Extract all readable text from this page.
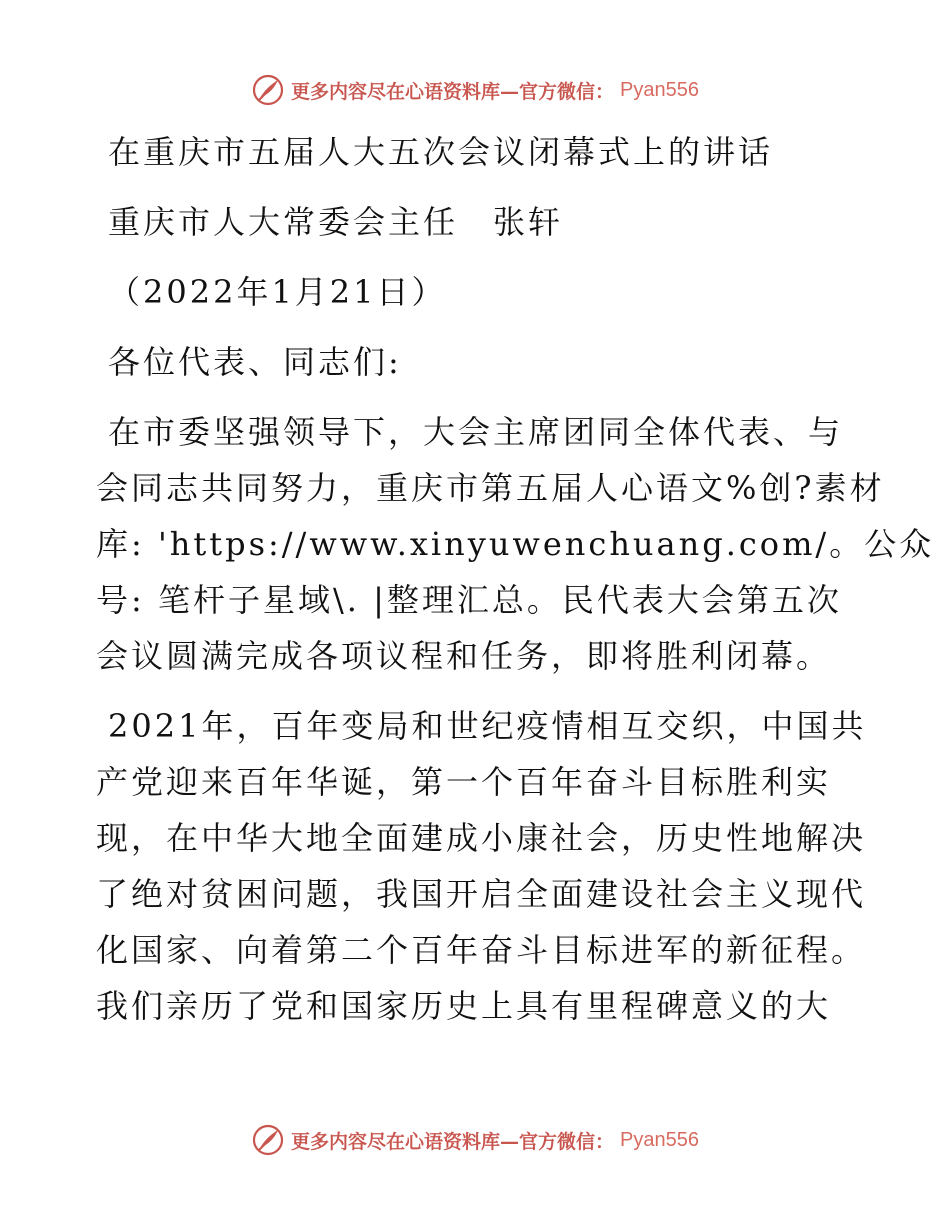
更多内容尽在心语资料库—官方微信： Pyan556

在重庆市五届人大五次会议闭幕式上的讲话

重庆市人大常委会主任　张轩

（2022年1月21日）

各位代表、同志们:

在市委坚强领导下，大会主席团同全体代表、与
会同志共同努力，重庆市第五届人心语文%创?素材
库: 'https://www.xinyuwenchuang.com/。公众
号: 笔杆子星域\. |整理汇总。民代表大会第五次
会议圆满完成各项议程和任务，即将胜利闭幕。
2021年，百年变局和世纪疫情相互交织，中国共
产党迎来百年华诞，第一个百年奋斗目标胜利实
现，在中华大地全面建成小康社会，历史性地解决
了绝对贫困问题，我国开启全面建设社会主义现代
化国家、向着第二个百年奋斗目标进军的新征程。
我们亲历了党和国家历史上具有里程碑意义的大
更多内容尽在心语资料库—官方微信： Pyan556
